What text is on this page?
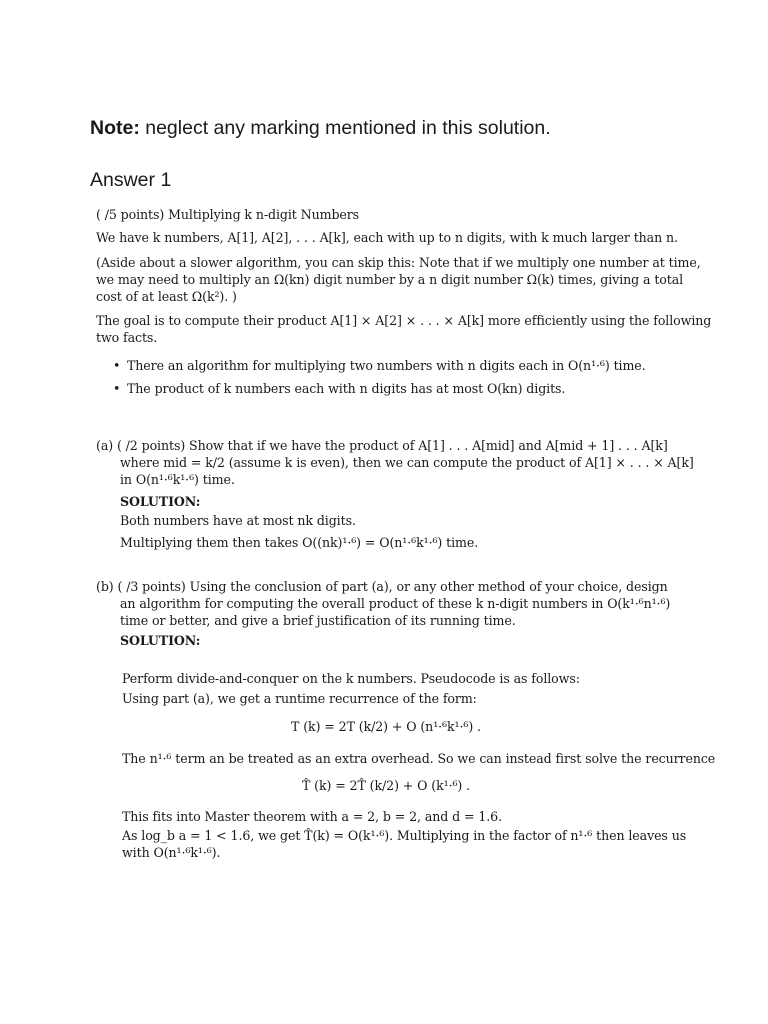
Note: neglect any marking mentioned in this solution.
Answer 1
( /5 points) Multiplying k n-digit Numbers
We have k numbers, A[1], A[2], . . . A[k], each with up to n digits, with k much larger than n.
(Aside about a slower algorithm, you can skip this: Note that if we multiply one number at time,
we may need to multiply an Ω(kn) digit number by a n digit number Ω(k) times, giving a total
cost of at least Ω(k²). )
The goal is to compute their product A[1] × A[2] × . . . × A[k] more efficiently using the following
two facts.
• There an algorithm for multiplying two numbers with n digits each in O(n¹·⁶) time.
• The product of k numbers each with n digits has at most O(kn) digits.
(a) ( /2 points) Show that if we have the product of A[1] . . . A[mid] and A[mid + 1] . . . A[k]
where mid = k/2 (assume k is even), then we can compute the product of A[1] × . . . × A[k]
in O(n¹·⁶k¹·⁶) time.
SOLUTION:
Both numbers have at most nk digits.
Multiplying them then takes O((nk)¹·⁶) = O(n¹·⁶k¹·⁶) time.
(b) ( /3 points) Using the conclusion of part (a), or any other method of your choice, design
an algorithm for computing the overall product of these k n-digit numbers in O(k¹·⁶n¹·⁶)
time or better, and give a brief justification of its running time.
SOLUTION:
Perform divide-and-conquer on the k numbers. Pseudocode is as follows:
Using part (a), we get a runtime recurrence of the form:
T (k) = 2T (k/2) + O (n¹·⁶k¹·⁶) .
The n¹·⁶ term an be treated as an extra overhead. So we can instead first solve the recurrence
T̂ (k) = 2T̂ (k/2) + O (k¹·⁶) .
This fits into Master theorem with a = 2, b = 2, and d = 1.6.
As log_b a = 1 < 1.6, we get T̂(k) = O(k¹·⁶). Multiplying in the factor of n¹·⁶ then leaves us
with O(n¹·⁶k¹·⁶).
